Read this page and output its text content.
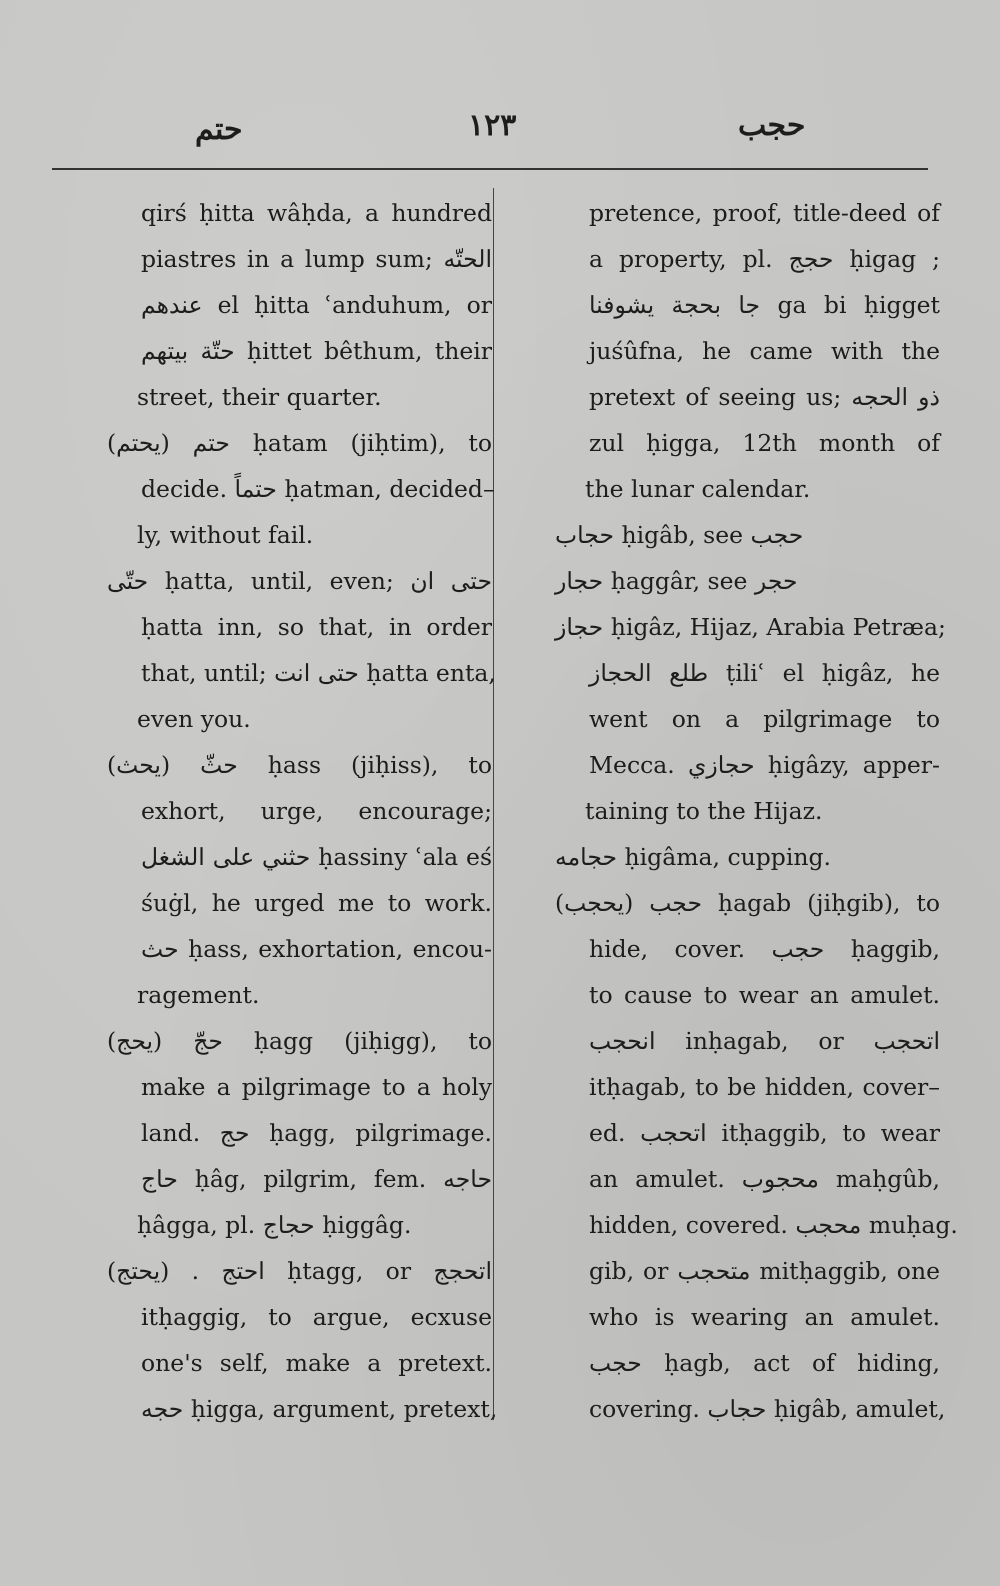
حتم	١٢٣	حجب
qirś ḥitta wâḥda, a hundred
piastres in a lump sum; الحتّه
عندهم el ḥitta ʿanduhum, or
حتّة بيتهم ḥittet bêthum, their
street, their quarter.
حتم (يحتم) ḥatam (jiḥtim), to
decide. حتماً ḥatman, decided–
ly, without fail.
حتّى ḥatta, until, even; حتى ان
ḥatta inn, so that, in order
that, until; حتى انت ḥatta enta,
even you.
حثّ (يحث) ḥass (jiḥiss), to
exhort, urge, encourage;
حثني على الشغل ḥassiny ʿala eś
śuġl, he urged me to work.
حث ḥass, exhortation, encou-
ragement.
حجّ (يحج) ḥagg (jiḥigg), to
make a pilgrimage to a holy
land. حج ḥagg, pilgrimage.
حاج ḥâg, pilgrim, fem. حاجه
ḥâgga, pl. حجاج ḥiggâg.
احتج . (يحتج) ḥtagg, or اتحجج
itḥaggig, to argue, ecxuse
one's self, make a pretext.
حجه ḥigga, argument, pretext,
pretence, proof, title-deed of
a property, pl. حجج ḥigag ;
جا بحجة يشوفنا ga bi ḥigget
juśûfna, he came with the
pretext of seeing us; ذو الحجه
zul ḥigga, 12th month of
the lunar calendar.
حجاب ḥigâb, see حجب
حجار ḥaggâr, see حجر
حجاز ḥigâz, Hijaz, Arabia Petræa;
طلع الحجاز ṭiliʿ el ḥigâz, he
went on a pilgrimage to
Mecca. حجازي ḥigâzy, apper-
taining to the Hijaz.
حجامه ḥigâma, cupping.
حجب (يحجب) ḥagab (jiḥgib), to
hide, cover. حجب ḥaggib,
to cause to wear an amulet.
انحجب inḥagab, or اتحجب
itḥagab, to be hidden, cover–
ed. اتحجب itḥaggib, to wear
an amulet. محجوب maḥgûb,
hidden, covered. محجب muḥag.
gib, or متحجب mitḥaggib, one
who is wearing an amulet.
حجب ḥagb, act of hiding,
covering. حجاب ḥigâb, amulet,
